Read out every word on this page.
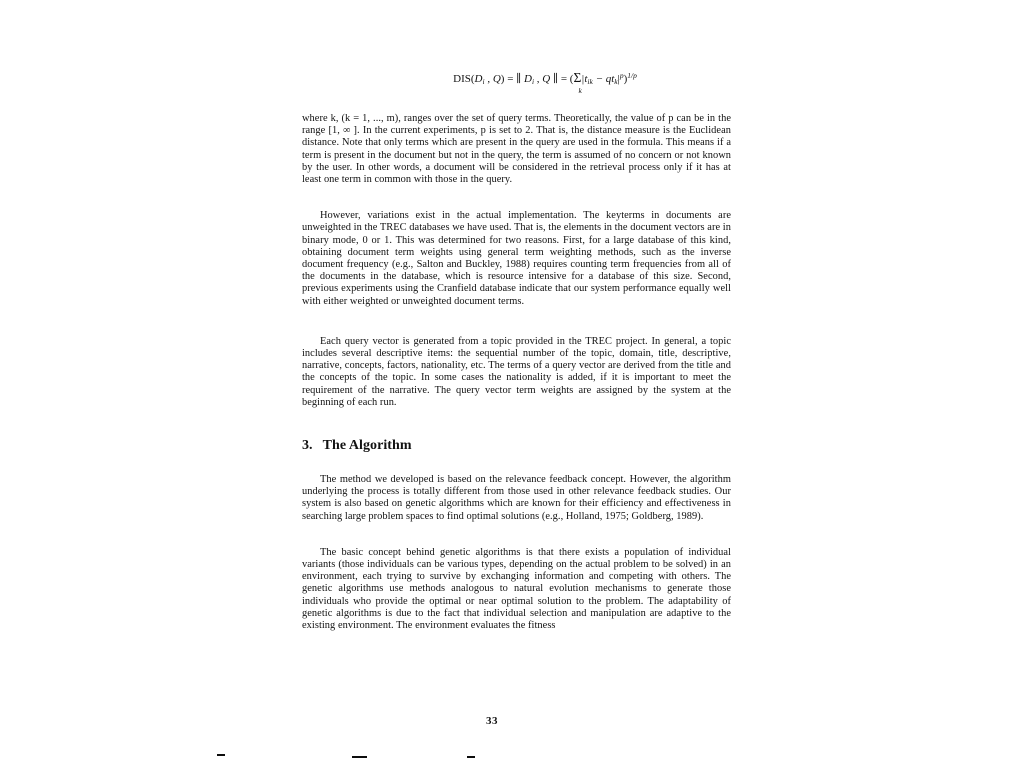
$DIS(D_i$ , Q) = ∥ $D_i$ , Q ∥ = (Σ
k
$|t_{ik} - qt_k|^p)^{1/p}$

where k, (k = 1, ..., m), ranges over the set of query terms. Theoretically, the value of p can be in the range [1, ∞ ]. In the current experiments, p is set to 2. That is, the distance measure is the Euclidean distance. Note that only terms which are present in the query are used in the formula. This means if a term is present in the document but not in the query, the term is assumed of no concern or not known by the user. In other words, a document will be considered in the retrieval process only if it has at least one term in common with those in the query.

However, variations exist in the actual implementation. The keyterms in documents are unweighted in the TREC databases we have used. That is, the elements in the document vectors are in binary mode, 0 or 1. This was determined for two reasons. First, for a large database of this kind, obtaining document term weights using general term weighting methods, such as the inverse document frequency (e.g., Salton and Buckley, 1988) requires counting term frequencies from all of the documents in the database, which is resource intensive for a database of this size. Second, previous experiments using the Cranfield database indicate that our system performance equally well with either weighted or unweighted document terms.

Each query vector is generated from a topic provided in the TREC project. In general, a topic includes several descriptive items: the sequential number of the topic, domain, title, descriptive, narrative, concepts, factors, nationality, etc. The terms of a query vector are derived from the title and the concepts of the topic. In some cases the nationality is added, if it is important to meet the requirement of the narrative. The query vector term weights are assigned by the system at the beginning of each run.

3. The Algorithm

The method we developed is based on the relevance feedback concept. However, the algorithm underlying the process is totally different from those used in other relevance feedback studies. Our system is also based on genetic algorithms which are known for their efficiency and effectiveness in searching large problem spaces to find optimal solutions (e.g., Holland, 1975; Goldberg, 1989).

The basic concept behind genetic algorithms is that there exists a population of individual variants (those individuals can be various types, depending on the actual problem to be solved) in an environment, each trying to survive by exchanging information and competing with others. The genetic algorithms use methods analogous to natural evolution mechanisms to generate those individuals who provide the optimal or near optimal solution to the problem. The adaptability of genetic algorithms is due to the fact that individual selection and manipulation are adaptive to the existing environment. The environment evaluates the fitness

33
